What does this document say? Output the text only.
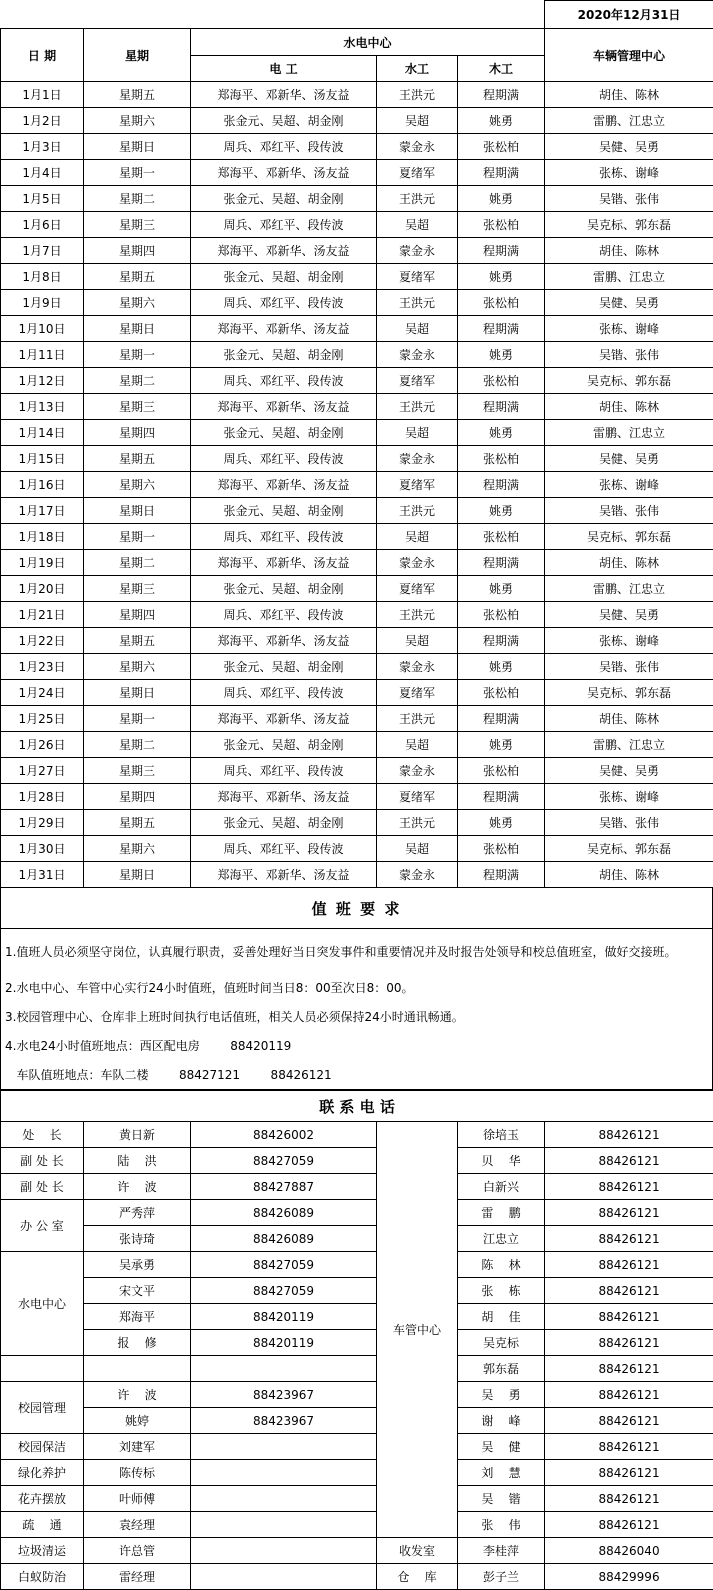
					2020年12月31日
日 期	星期	水电中心			车辆管理中心
		电 工	水工	木工	
1月1日	星期五	郑海平、邓新华、汤友益	王洪元	程期满	胡佳、陈林
1月2日	星期六	张金元、吴超、胡金刚	吴超	姚勇	雷鹏、江忠立
1月3日	星期日	周兵、邓红平、段传波	蒙金永	张松柏	吴健、吴勇
1月4日	星期一	郑海平、邓新华、汤友益	夏绪军	程期满	张栋、谢峰
1月5日	星期二	张金元、吴超、胡金刚	王洪元	姚勇	吴锴、张伟
1月6日	星期三	周兵、邓红平、段传波	吴超	张松柏	吴克标、郭东磊
1月7日	星期四	郑海平、邓新华、汤友益	蒙金永	程期满	胡佳、陈林
1月8日	星期五	张金元、吴超、胡金刚	夏绪军	姚勇	雷鹏、江忠立
1月9日	星期六	周兵、邓红平、段传波	王洪元	张松柏	吴健、吴勇
1月10日	星期日	郑海平、邓新华、汤友益	吴超	程期满	张栋、谢峰
1月11日	星期一	张金元、吴超、胡金刚	蒙金永	姚勇	吴锴、张伟
1月12日	星期二	周兵、邓红平、段传波	夏绪军	张松柏	吴克标、郭东磊
1月13日	星期三	郑海平、邓新华、汤友益	王洪元	程期满	胡佳、陈林
1月14日	星期四	张金元、吴超、胡金刚	吴超	姚勇	雷鹏、江忠立
1月15日	星期五	周兵、邓红平、段传波	蒙金永	张松柏	吴健、吴勇
1月16日	星期六	郑海平、邓新华、汤友益	夏绪军	程期满	张栋、谢峰
1月17日	星期日	张金元、吴超、胡金刚	王洪元	姚勇	吴锴、张伟
1月18日	星期一	周兵、邓红平、段传波	吴超	张松柏	吴克标、郭东磊
1月19日	星期二	郑海平、邓新华、汤友益	蒙金永	程期满	胡佳、陈林
1月20日	星期三	张金元、吴超、胡金刚	夏绪军	姚勇	雷鹏、江忠立
1月21日	星期四	周兵、邓红平、段传波	王洪元	张松柏	吴健、吴勇
1月22日	星期五	郑海平、邓新华、汤友益	吴超	程期满	张栋、谢峰
1月23日	星期六	张金元、吴超、胡金刚	蒙金永	姚勇	吴锴、张伟
1月24日	星期日	周兵、邓红平、段传波	夏绪军	张松柏	吴克标、郭东磊
1月25日	星期一	郑海平、邓新华、汤友益	王洪元	程期满	胡佳、陈林
1月26日	星期二	张金元、吴超、胡金刚	吴超	姚勇	雷鹏、江忠立
1月27日	星期三	周兵、邓红平、段传波	蒙金永	张松柏	吴健、吴勇
1月28日	星期四	郑海平、邓新华、汤友益	夏绪军	程期满	张栋、谢峰
1月29日	星期五	张金元、吴超、胡金刚	王洪元	姚勇	吴锴、张伟
1月30日	星期六	周兵、邓红平、段传波	吴超	张松柏	吴克标、郭东磊
1月31日	星期日	郑海平、邓新华、汤友益	蒙金永	程期满	胡佳、陈林
值 班 要 求
1.值班人员必须坚守岗位，认真履行职责，妥善处理好当日突发事件和重要情况并及时报告处领导和校总值班室，做好交接班。
2.水电中心、车管中心实行24小时值班，值班时间当日8：00至次日8：00。
3.校园管理中心、仓库非上班时间执行电话值班，相关人员必须保持24小时通讯畅通。
4.水电24小时值班地点：西区配电房        88420119
车队值班地点：车队二楼        88427121        88426121
联 系 电 话					
处    长	黄日新	88426002	车管中心	徐培玉	88426121
副 处 长	陆    洪	88427059		贝    华	88426121
副 处 长	许    波	88427887		白新兴	88426121
办 公 室	严秀萍	88426089		雷    鹏	88426121
	张诗琦	88426089		江忠立	88426121
水电中心	吴承勇	88427059		陈    林	88426121
	宋文平	88427059		张    栋	88426121
	郑海平	88420119		胡    佳	88426121
	报    修	88420119		吴克标	88426121
				郭东磊	88426121
校园管理	许    波	88423967		吴    勇	88426121
	姚婷	88423967		谢    峰	88426121
校园保洁	刘建军			吴    健	88426121
绿化养护	陈传标			刘    慧	88426121
花卉摆放	叶师傅			吴    锴	88426121
疏    通	袁经理			张    伟	88426121
垃圾清运	许总管		收发室	李桂萍	88426040
白蚁防治	雷经理		仓    库	彭子兰	88429996
